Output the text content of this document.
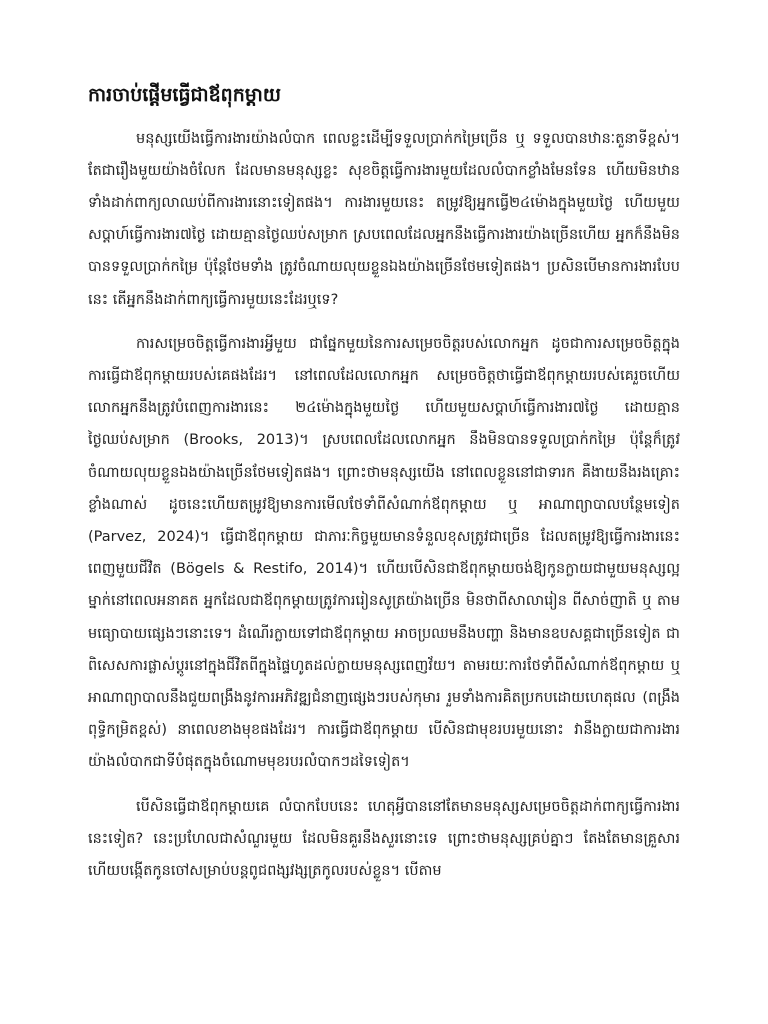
ការចាប់ផ្ដើមធ្វើជាឪពុកម្ដាយ

មនុស្សយើងធ្វើការងារយ៉ាងលំបាក ពេលខ្លះដើម្បីទទួលប្រាក់កម្រៃច្រើន ឬ ទទួលបានឋានៈតួនាទីខ្ពស់។ តែជារឿងមួយយ៉ាងចំលែក ដែលមានមនុស្សខ្លះ សុខចិត្តធ្វើការងារមួយដែលលំបាកខ្លាំងមែនទែន ហើយមិនឋានទាំងដាក់ពាក្យលាឈប់ពីការងារនោះទៀតផង។ ការងារមួយនេះ តម្រូវឱ្យអ្នកធ្វើ២៤ម៉ោងក្នុងមួយថ្ងៃ ហើយមួយសប្ដាហ៍ធ្វើការងារ៧ថ្ងៃ ដោយគ្មានថ្ងៃឈប់សម្រាក ស្របពេលដែលអ្នកនឹងធ្វើការងារយ៉ាងច្រើនហើយ អ្នកក៏នឹងមិនបានទទួលប្រាក់កម្រៃ ប៉ុន្តែថែមទាំង ត្រូវចំណាយលុយខ្លួនឯងយ៉ាងច្រើនថែមទៀតផង។ ប្រសិនបើមានការងារបែបនេះ តើអ្នកនឹងដាក់ពាក្យធ្វើការមួយនេះដែរឬទេ?

ការសម្រេចចិត្តធ្វើការងារអ្វីមួយ ជាផ្នែកមួយនៃការសម្រេចចិត្តរបស់លោកអ្នក ដូចជាការសម្រេចចិត្តក្នុងការធ្វើជាឪពុកម្ដាយរបស់គេផងដែរ។ នៅពេលដែលលោកអ្នក សម្រេចចិត្តថាធ្វើជាឪពុកម្ដាយរបស់គេរួចហើយ លោកអ្នកនឹងត្រូវបំពេញការងារនេះ ២៤ម៉ោងក្នុងមួយថ្ងៃ ហើយមួយសប្ដាហ៍ធ្វើការងារ៧ថ្ងៃ ដោយគ្មានថ្ងៃឈប់សម្រាក (Brooks, 2013)។ ស្របពេលដែលលោកអ្នក នឹងមិនបានទទួលប្រាក់កម្រៃ ប៉ុន្តែក៏ត្រូវចំណាយលុយខ្លួនឯងយ៉ាងច្រើនថែមទៀតផង។ ព្រោះថាមនុស្សយើង នៅពេលខ្លួននៅជាទារក គឺងាយនឹងរងគ្រោះខ្លាំងណាស់ ដូចនេះហើយតម្រូវឱ្យមានការមើលថែទាំពីសំណាក់ឪពុកម្ដាយ ឬ អាណាព្យាបាលបន្ថែមទៀត (Parvez, 2024)។ ធ្វើជាឪពុកម្ដាយ ជាភារៈកិច្ចមួយមានទំនួលខុសត្រូវជាច្រើន ដែលតម្រូវឱ្យធ្វើការងារនេះពេញមួយជីវិត (Bögels & Restifo, 2014)។ ហើយបើសិនជាឪពុកម្ដាយចង់ឱ្យកូនក្លាយជាមួយមនុស្សល្អម្នាក់នៅពេលអនាគត អ្នកដែលជាឪពុកម្ដាយត្រូវការរៀនសូត្រយ៉ាងច្រើន មិនថាពីសាលារៀន ពីសាច់ញាតិ ឬ តាមមធ្យោបាយផ្សេងៗនោះទេ។ ដំណើរក្លាយទៅជាឪពុកម្ដាយ អាចប្រឈមនឹងបញ្ហា និងមានឧបសគ្គជាច្រើនទៀត ជាពិសេសការផ្លាស់ប្ដូរនៅក្នុងជីវិតពីក្នុងផ្ទៃហូតដល់ក្លាយមនុស្សពេញវ័យ។ តាមរយៈការថែទាំពីសំណាក់ឪពុកម្ដាយ ឬអាណាព្យាបាលនឹងជួយពង្រឹងនូវការអភិវឌ្ឍជំនាញផ្សេងៗរបស់កុមារ រួមទាំងការគិតប្រកបដោយហេតុផល (ពង្រឹងពុទ្ធិកម្រិតខ្ពស់) នាពេលខាងមុខផងដែរ។ ការធ្វើជាឪពុកម្ដាយ បើសិនជាមុខរបរមួយនោះ វានឹងក្លាយជាការងារយ៉ាងលំបាកជាទីបំផុតក្នុងចំណោមមុខរបរលំបាកៗដទៃទៀត។

បើសិនធ្វើជាឪពុកម្ដាយគេ លំបាកបែបនេះ ហេតុអ្វីបាននៅតែមានមនុស្សសម្រេចចិត្តដាក់ពាក្យធ្វើការងារនេះទៀត? នេះប្រហែលជាសំណួរមួយ ដែលមិនគួរនឹងសួរនោះទេ ព្រោះថាមនុស្សគ្រប់គ្នាៗ តែងតែមានគ្រួសារហើយបង្កើតកូនចៅសម្រាប់បន្តពូជពង្សវង្សត្រកូលរបស់ខ្លួន។ បើតាម
